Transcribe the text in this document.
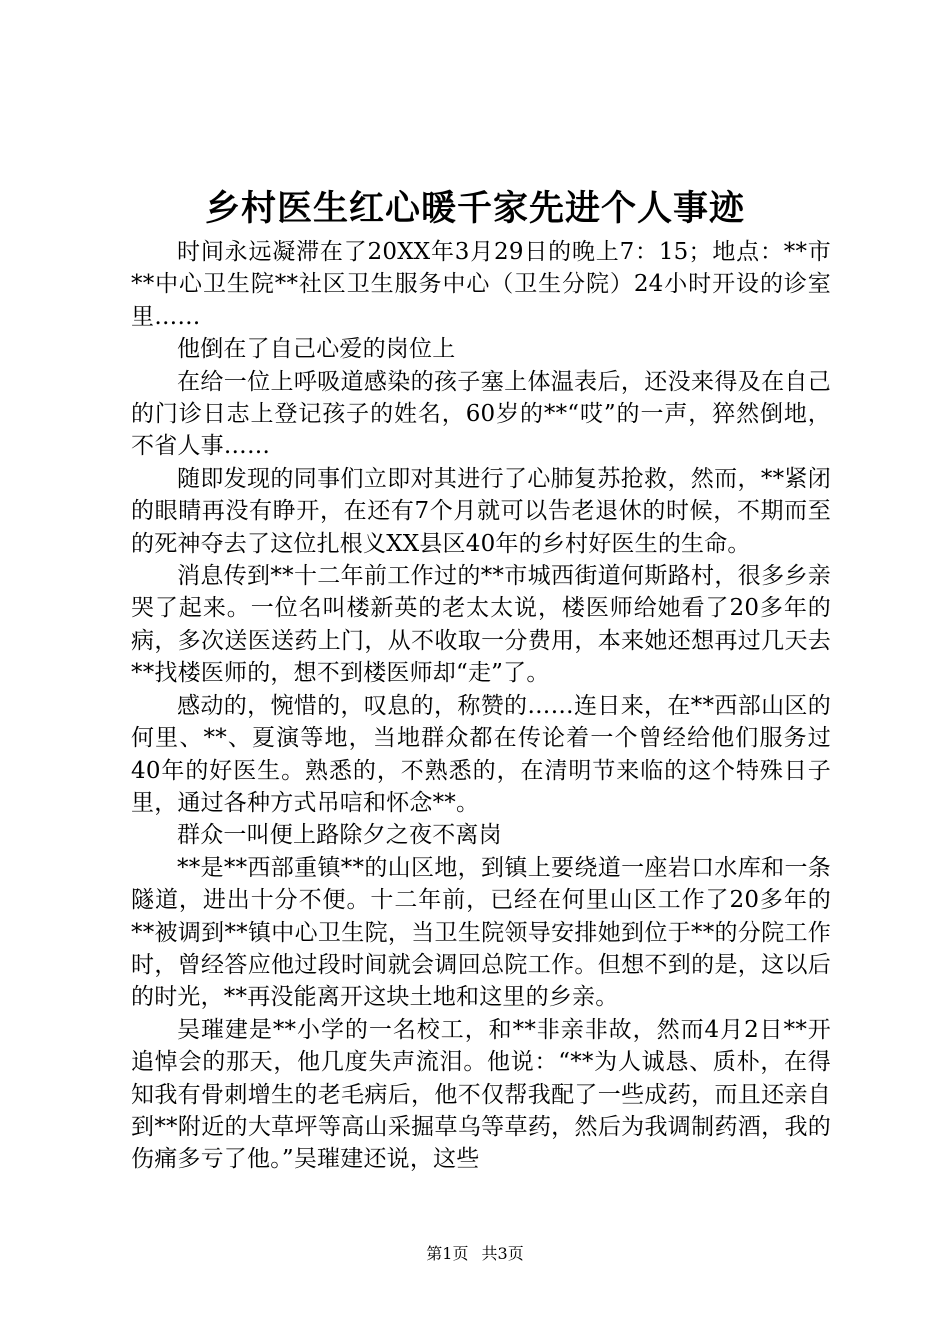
乡村医生红心暖千家先进个人事迹

时间永远凝滞在了20XX年3月29日的晚上7：15；地点：**市**中心卫生院**社区卫生服务中心（卫生分院）24小时开设的诊室里……

他倒在了自己心爱的岗位上

在给一位上呼吸道感染的孩子塞上体温表后，还没来得及在自己的门诊日志上登记孩子的姓名，60岁的**“哎”的一声，猝然倒地，不省人事……

随即发现的同事们立即对其进行了心肺复苏抢救，然而，**紧闭的眼睛再没有睁开，在还有7个月就可以告老退休的时候，不期而至的死神夺去了这位扎根义XX县区40年的乡村好医生的生命。

消息传到**十二年前工作过的**市城西街道何斯路村，很多乡亲哭了起来。一位名叫楼新英的老太太说，楼医师给她看了20多年的病，多次送医送药上门，从不收取一分费用，本来她还想再过几天去**找楼医师的，想不到楼医师却“走”了。

感动的，惋惜的，叹息的，称赞的……连日来，在**西部山区的何里、**、夏演等地，当地群众都在传论着一个曾经给他们服务过40年的好医生。熟悉的，不熟悉的，在清明节来临的这个特殊日子里，通过各种方式吊唁和怀念**。

群众一叫便上路除夕之夜不离岗

**是**西部重镇**的山区地，到镇上要绕道一座岩口水库和一条隧道，进出十分不便。十二年前，已经在何里山区工作了20多年的**被调到**镇中心卫生院，当卫生院领导安排她到位于**的分院工作时，曾经答应他过段时间就会调回总院工作。但想不到的是，这以后的时光，**再没能离开这块土地和这里的乡亲。

吴璀建是**小学的一名校工，和**非亲非故，然而4月2日**开追悼会的那天，他几度失声流泪。他说：“**为人诚恳、质朴，在得知我有骨刺增生的老毛病后，他不仅帮我配了一些成药，而且还亲自到**附近的大草坪等高山采掘草乌等草药，然后为我调制药酒，我的伤痛多亏了他。”吴璀建还说，这些

第1页 共3页
